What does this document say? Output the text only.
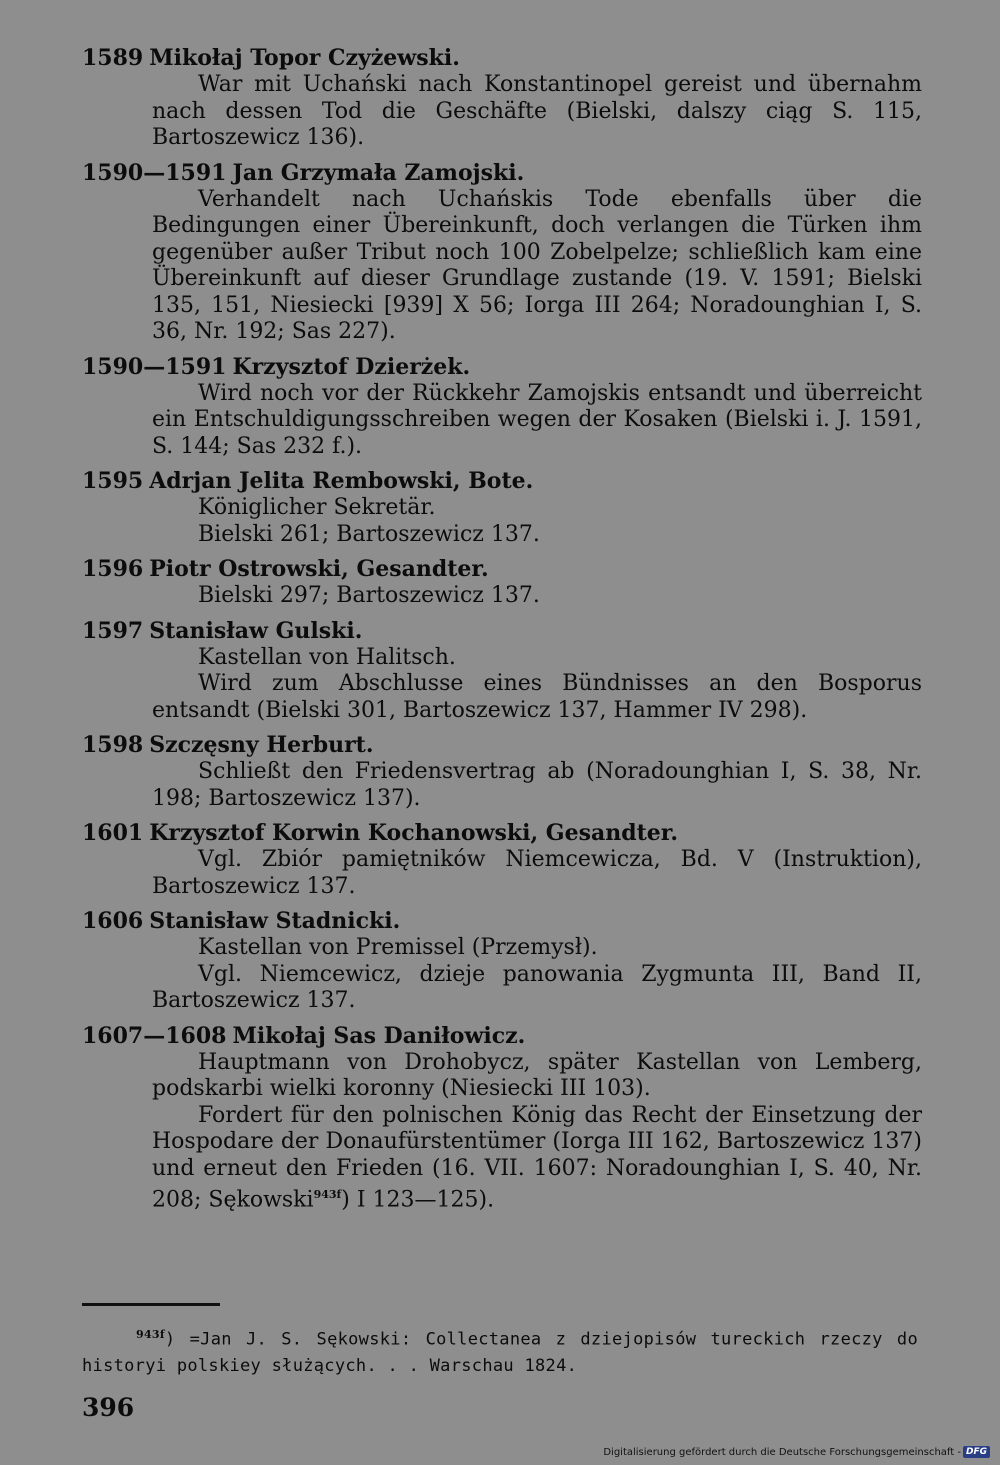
1589 Mikołaj Topor Czyżewski.

War mit Uchański nach Konstantinopel gereist und übernahm nach dessen Tod die Geschäfte (Bielski, dalszy ciąg S. 115, Bartoszewicz 136).

1590—1591 Jan Grzymała Zamojski.

Verhandelt nach Uchańskis Tode ebenfalls über die Bedingungen einer Übereinkunft, doch verlangen die Türken ihm gegenüber außer Tribut noch 100 Zobelpelze; schließlich kam eine Übereinkunft auf dieser Grundlage zustande (19. V. 1591; Bielski 135, 151, Niesiecki [939] X 56; Iorga III 264; Noradounghian I, S. 36, Nr. 192; Sas 227).

1590—1591 Krzysztof Dzierżek.

Wird noch vor der Rückkehr Zamojskis entsandt und überreicht ein Entschuldigungsschreiben wegen der Kosaken (Bielski i. J. 1591, S. 144; Sas 232 f.).

1595 Adrjan Jelita Rembowski, Bote.

Königlicher Sekretär.

Bielski 261; Bartoszewicz 137.

1596 Piotr Ostrowski, Gesandter.

Bielski 297; Bartoszewicz 137.

1597 Stanisław Gulski.

Kastellan von Halitsch.

Wird zum Abschlusse eines Bündnisses an den Bosporus entsandt (Bielski 301, Bartoszewicz 137, Hammer IV 298).

1598 Szczęsny Herburt.

Schließt den Friedensvertrag ab (Noradounghian I, S. 38, Nr. 198; Bartoszewicz 137).

1601 Krzysztof Korwin Kochanowski, Gesandter.

Vgl. Zbiór pamiętników Niemcewicza, Bd. V (Instruktion), Bartoszewicz 137.

1606 Stanisław Stadnicki.

Kastellan von Premissel (Przemysł).

Vgl. Niemcewicz, dzieje panowania Zygmunta III, Band II, Bartoszewicz 137.

1607—1608 Mikołaj Sas Daniłowicz.

Hauptmann von Drohobycz, später Kastellan von Lemberg, podskarbi wielki koronny (Niesiecki III 103).

Fordert für den polnischen König das Recht der Einsetzung der Hospodare der Donaufürstentümer (Iorga III 162, Bartoszewicz 137) und erneut den Frieden (16. VII. 1607: Noradounghian I, S. 40, Nr. 208; Sękowski$^{943f}$) I 123—125).

$^{943f}$) =Jan J. S. Sękowski: Collectanea z dziejopisów tureckich rzeczy do historyi polskiey służących. . . Warschau 1824.
396
Digitalisierung gefördert durch die Deutsche Forschungsgemeinschaft - DFG
